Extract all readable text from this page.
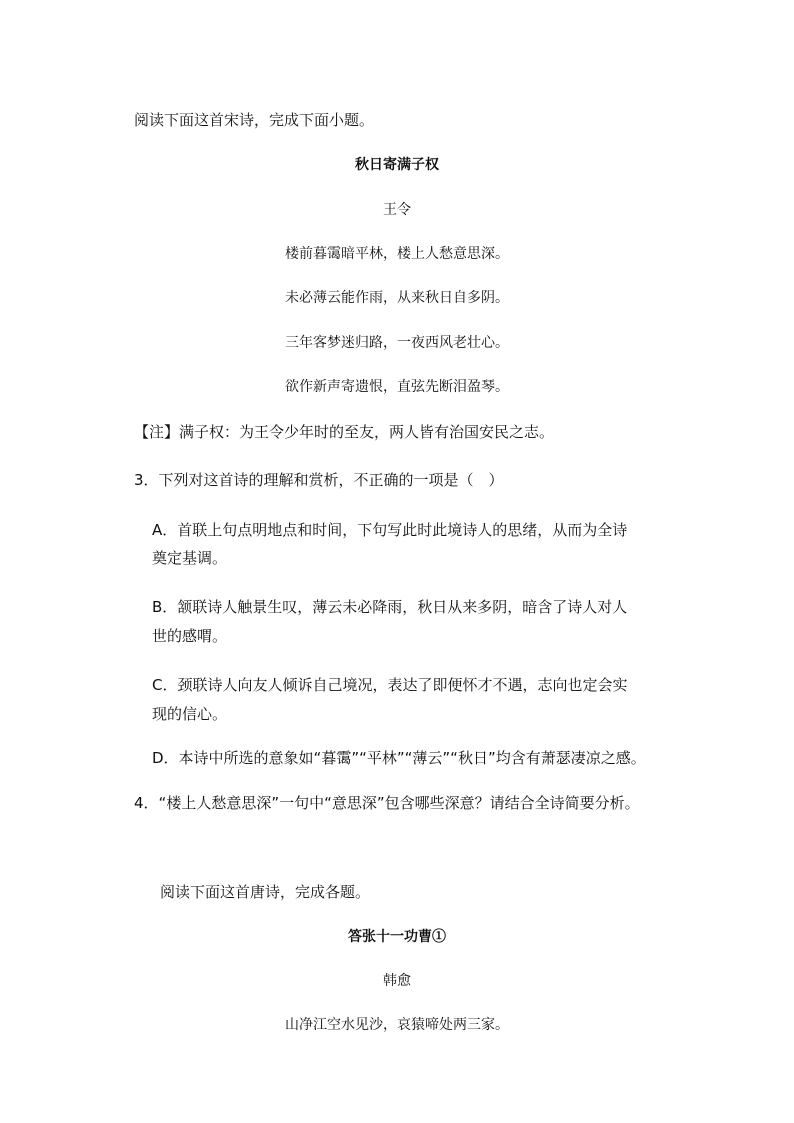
阅读下面这首宋诗，完成下面小题。
秋日寄满子权
王令
楼前暮霭暗平林，楼上人愁意思深。
未必薄云能作雨，从来秋日自多阴。
三年客梦迷归路，一夜西风老壮心。
欲作新声寄遗恨，直弦先断泪盈琴。
【注】满子权：为王令少年时的至友，两人皆有治国安民之志。
3．下列对这首诗的理解和赏析，不正确的一项是（　）
A．首联上句点明地点和时间，下句写此时此境诗人的思绪，从而为全诗
奠定基调。
B．颔联诗人触景生叹，薄云未必降雨，秋日从来多阴，暗含了诗人对人
世的感喟。
C．颈联诗人向友人倾诉自己境况，表达了即便怀才不遇，志向也定会实
现的信心。
D．本诗中所选的意象如“暮霭”“平林”“薄云”“秋日”均含有萧瑟凄凉之感。
4．“楼上人愁意思深”一句中“意思深”包含哪些深意？请结合全诗简要分析。
阅读下面这首唐诗，完成各题。
答张十一功曹①
韩愈
山净江空水见沙，哀猿啼处两三家。
